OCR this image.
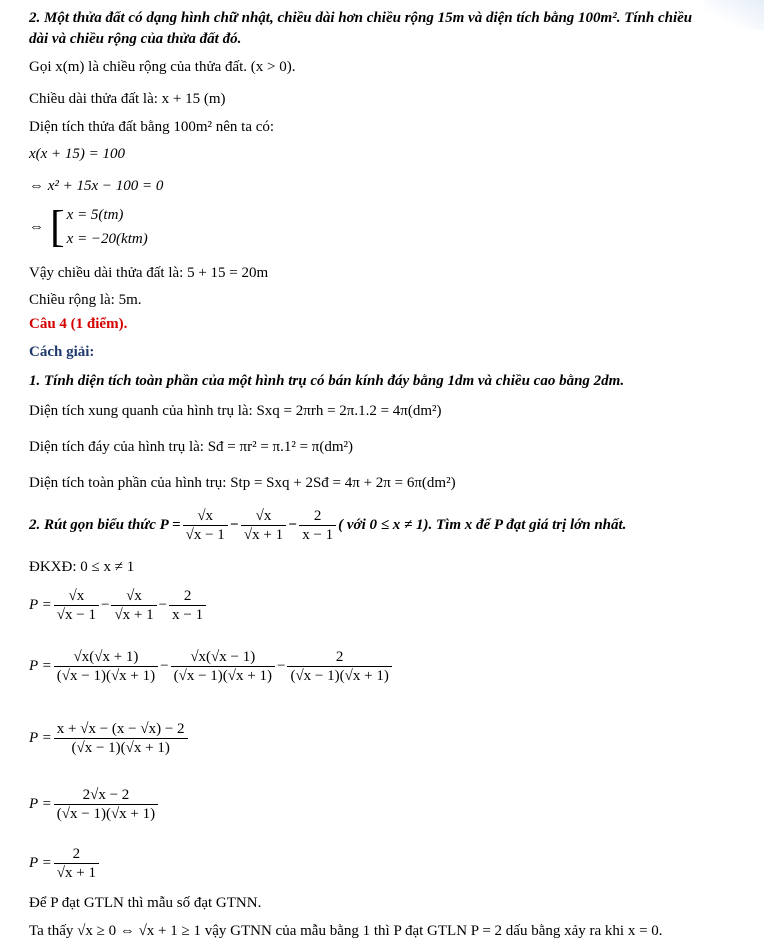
2. Một thửa đất có dạng hình chữ nhật, chiều dài hơn chiều rộng 15m và diện tích bằng 100m². Tính chiều
dài và chiều rộng của thửa đất đó.
Gọi x(m) là chiều rộng của thửa đất. (x > 0).
Chiều dài thửa đất là: x + 15 (m)
Diện tích thửa đất bằng 100m² nên ta có:
x(x + 15) = 100
⇔ x² + 15x − 100 = 0
⇔ [ x = 5(tm)
x = −20(ktm)
Vậy chiều dài thửa đất là: 5 + 15 = 20m
Chiều rộng là: 5m.
Câu 4 (1 điểm).
Cách giải:
1. Tính diện tích toàn phần của một hình trụ có bán kính đáy bằng 1dm và chiều cao bằng 2dm.
Diện tích xung quanh của hình trụ là: Sxq = 2πrh = 2π.1.2 = 4π(dm²)
Diện tích đáy của hình trụ là: Sđ = πr² = π.1² = π(dm²)
Diện tích toàn phần của hình trụ: Stp = Sxq + 2Sđ = 4π + 2π = 6π(dm²)
2. Rút gọn biểu thức $P = \frac{√x}{√x - 1} - \frac{√x}{√x + 1} - \frac{2}{x - 1}$ ( với 0 ≤ x ≠ 1). Tìm x để P đạt giá trị lớn nhất.
ĐKXĐ: 0 ≤ x ≠ 1
$P = \frac{√x}{√x - 1} - \frac{√x}{√x + 1} - \frac{2}{x - 1}$
$P = \frac{√x(√x + 1)}{(√x - 1)(√x + 1)} - \frac{√x(√x - 1)}{(√x - 1)(√x + 1)} - \frac{2}{(√x - 1)(√x + 1)}$
$P = \frac{x + √x - (x - √x) - 2}{(√x - 1)(√x + 1)}$
$P = \frac{2√x - 2}{(√x - 1)(√x + 1)}$
$P = \frac{2}{√x + 1}$
Để P đạt GTLN thì mẫu số đạt GTNN.
Ta thấy √x ≥ 0 ⇔ √x + 1 ≥ 1 vậy GTNN của mẫu bằng 1 thì P đạt GTLN P = 2 dấu bằng xảy ra khi x = 0.
